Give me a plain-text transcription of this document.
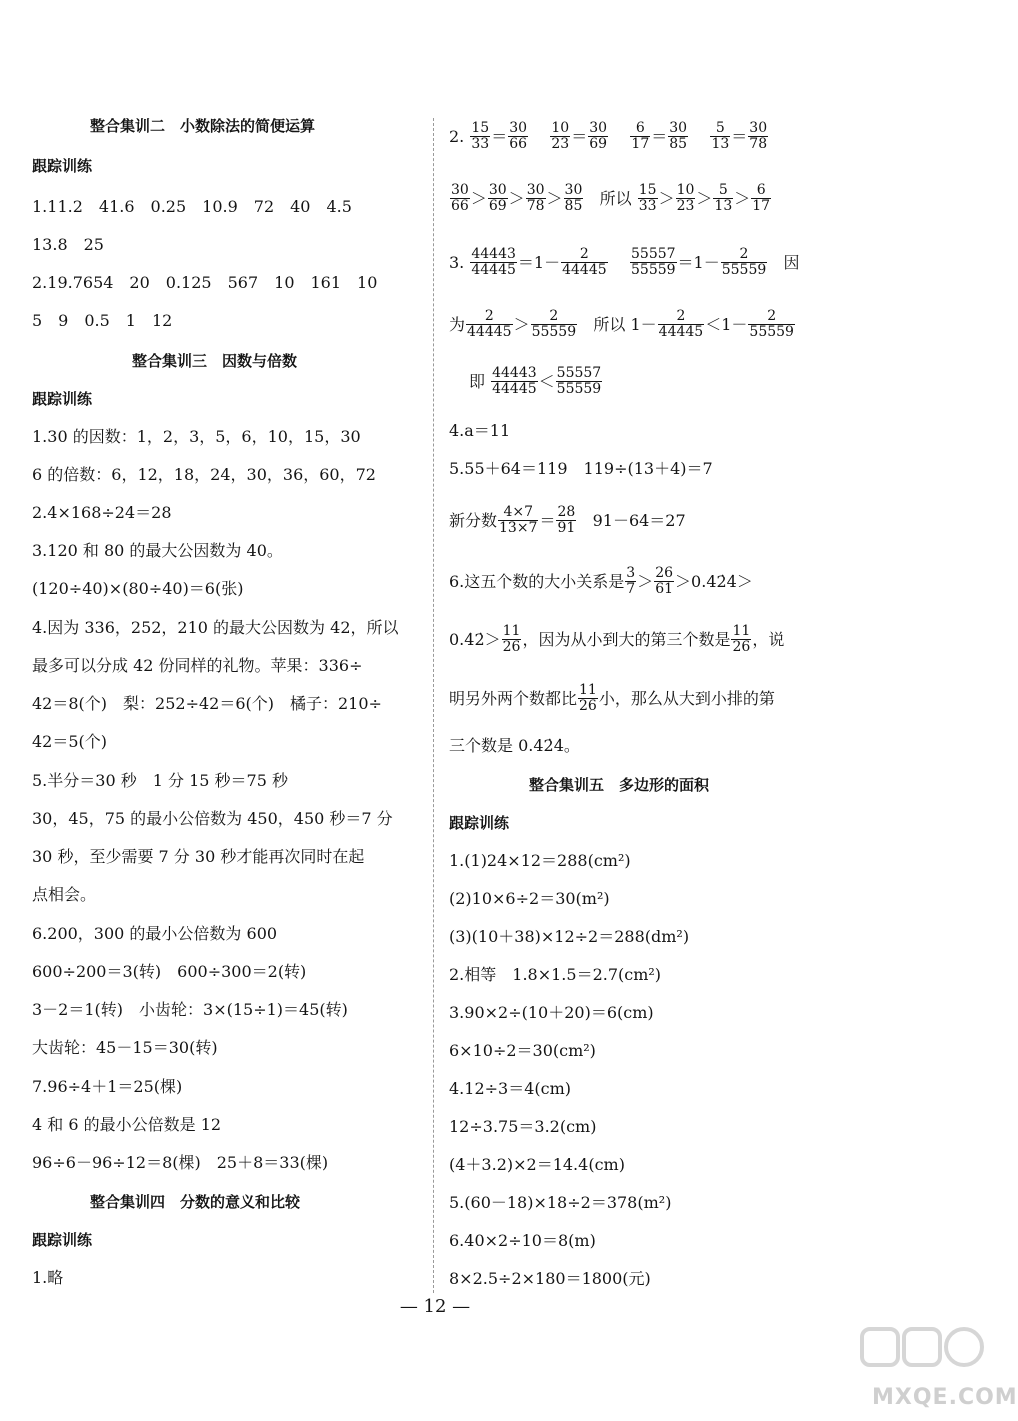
整合集训二　小数除法的简便运算
跟踪训练
1.11.2　41.6　0.25　10.9　72　40　4.5
13.8　25
2.19.7654　20　0.125　567　10　161　10
5　9　0.5　1　12
整合集训三　因数与倍数
跟踪训练
1.30 的因数：1，2，3，5，6，10，15，30
6 的倍数：6，12，18，24，30，36，60，72
2.4×168÷24＝28
3.120 和 80 的最大公因数为 40。
(120÷40)×(80÷40)＝6(张)
4.因为 336，252，210 的最大公因数为 42，所以
最多可以分成 42 份同样的礼物。苹果：336÷
42＝8(个)　梨：252÷42＝6(个)　橘子：210÷
42＝5(个)
5.半分＝30 秒　1 分 15 秒＝75 秒
30，45，75 的最小公倍数为 450，450 秒＝7 分
30 秒，至少需要 7 分 30 秒才能再次同时在起
点相会。
6.200，300 的最小公倍数为 600
600÷200＝3(转)　600÷300＝2(转)
3－2＝1(转)　小齿轮：3×(15÷1)＝45(转)
大齿轮：45－15＝30(转)
7.96÷4＋1＝25(棵)
4 和 6 的最小公倍数是 12
96÷6－96÷12＝8(棵)　25＋8＝33(棵)
整合集训四　分数的意义和比较
跟踪训练
1.略
2. $\frac{15}{33} = \frac{30}{66}$
$\frac{10}{23} = \frac{30}{69}$
$\frac{6}{17} = \frac{30}{85}$
$\frac{5}{13} = \frac{30}{78}$
$\frac{30}{66} > \frac{30}{69} > \frac{30}{78} > \frac{30}{85}$ 所以 $\frac{15}{33} > \frac{10}{23} > \frac{5}{13} > \frac{6}{17}$
3. $\frac{44443}{44445} =1- \frac{2}{44445}$
$\frac{55557}{55559} =1- \frac{2}{55559}$ 因
为 $\frac{2}{44445} > \frac{2}{55559}$ 所以 $1- \frac{2}{44445} <1- \frac{2}{55559}$
即 $\frac{44443}{44445} < \frac{55557}{55559}$
4.a＝11
5.55＋64＝119　119÷(13＋4)＝7
新分数 $\frac{4\times 7}{13\times 7} = \frac{28}{91} 91-64=27$
6.这五个数的大小关系是 $\frac{3}{7} > \frac{26}{61}$ ＞0.42̇4̇＞
0.4̇2̇＞ $\frac{11}{26}$ ，因为从小到大的第三个数是 $\frac{11}{26}$ ，说
明另外两个数都比 $\frac{11}{26}$ 小，那么从大到小排的第
三个数是 0.42̇4̇。
整合集训五　多边形的面积
跟踪训练
1.(1)24×12＝288(cm²)
(2)10×6÷2＝30(m²)
(3)(10＋38)×12÷2＝288(dm²)
2.相等　1.8×1.5＝2.7(cm²)
3.90×2÷(10＋20)＝6(cm)
6×10÷2＝30(cm²)
4.12÷3＝4(cm)
12÷3.75＝3.2(cm)
(4＋3.2)×2＝14.4(cm)
5.(60－18)×18÷2＝378(m²)
6.40×2÷10＝8(m)
8×2.5÷2×180＝1800(元)
— 12 —
MXQE.COM
